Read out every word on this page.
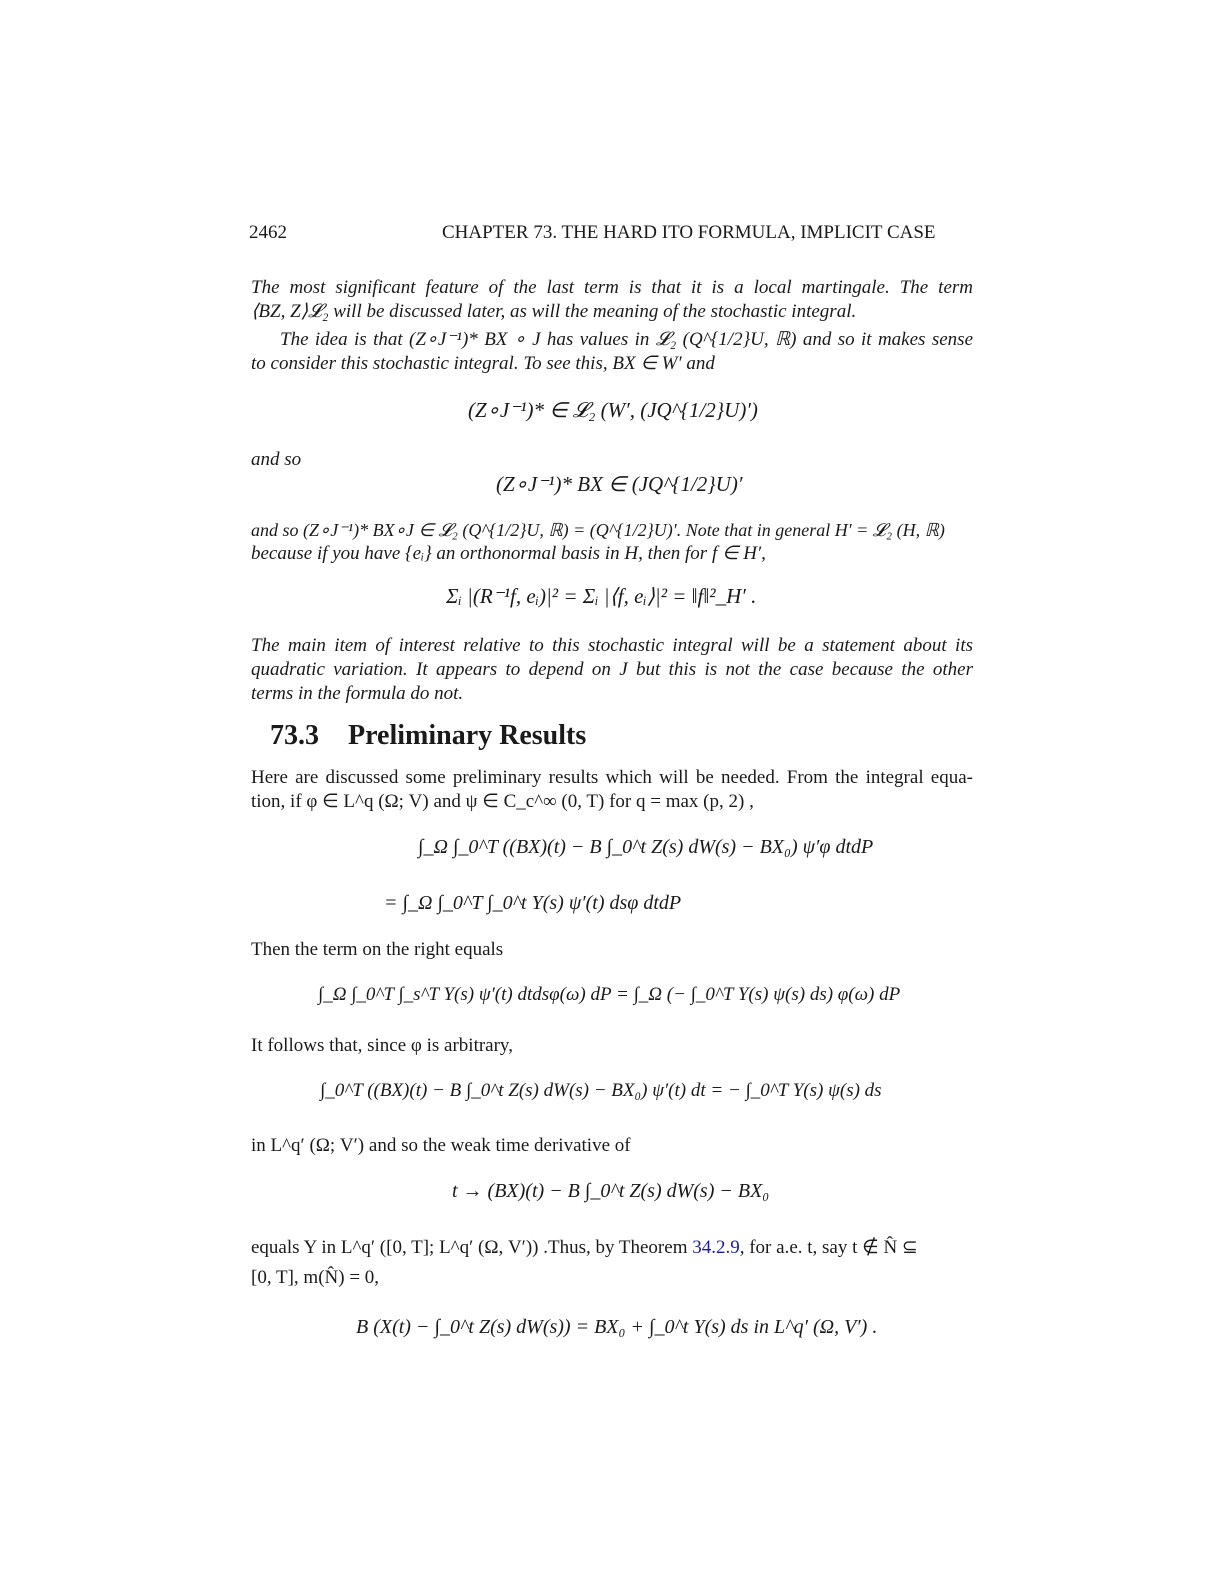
2462	CHAPTER 73. THE HARD ITO FORMULA, IMPLICIT CASE
The most significant feature of the last term is that it is a local martingale. The term
⟨BZ, Z⟩𝓛₂ will be discussed later, as will the meaning of the stochastic integral.
The idea is that (Z∘J⁻¹)* BX ∘ J has values in 𝓛₂ (Q^{1/2}U, ℝ) and so it makes sense
to consider this stochastic integral. To see this, BX ∈ W′ and
(Z∘J⁻¹)* ∈ 𝓛₂ (W′, (JQ^{1/2}U)′)
and so
(Z∘J⁻¹)* BX ∈ (JQ^{1/2}U)′
and so (Z∘J⁻¹)* BX∘J ∈ 𝓛₂ (Q^{1/2}U, ℝ) = (Q^{1/2}U)′. Note that in general H′ = 𝓛₂ (H, ℝ)
because if you have {eᵢ} an orthonormal basis in H, then for f ∈ H′,
Σᵢ |(R⁻¹f, eᵢ)|² = Σᵢ |⟨f, eᵢ⟩|² = ‖f‖²_H′ .
The main item of interest relative to this stochastic integral will be a statement about its
quadratic variation. It appears to depend on J but this is not the case because the other
terms in the formula do not.
73.3 Preliminary Results
Here are discussed some preliminary results which will be needed. From the integral equa-
tion, if φ ∈ L^q (Ω; V) and ψ ∈ C_c^∞ (0, T) for q = max (p, 2) ,
∫_Ω ∫_0^T ((BX)(t) − B ∫_0^t Z(s) dW(s) − BX₀) ψ′φ dtdP
= ∫_Ω ∫_0^T ∫_0^t Y(s) ψ′(t) dsφ dtdP
Then the term on the right equals
∫_Ω ∫_0^T ∫_s^T Y(s) ψ′(t) dtdsφ(ω) dP = ∫_Ω (− ∫_0^T Y(s) ψ(s) ds) φ(ω) dP
It follows that, since φ is arbitrary,
∫_0^T ((BX)(t) − B ∫_0^t Z(s) dW(s) − BX₀) ψ′(t) dt = − ∫_0^T Y(s) ψ(s) ds
in L^q′ (Ω; V′) and so the weak time derivative of
t → (BX)(t) − B ∫_0^t Z(s) dW(s) − BX₀
equals Y in L^q′ ([0, T]; L^q′ (Ω, V′)) .Thus, by Theorem 34.2.9, for a.e. t, say t ∉ N̂ ⊆
[0, T], m(N̂) = 0,
B (X(t) − ∫_0^t Z(s) dW(s)) = BX₀ + ∫_0^t Y(s) ds in L^q′ (Ω, V′) .
